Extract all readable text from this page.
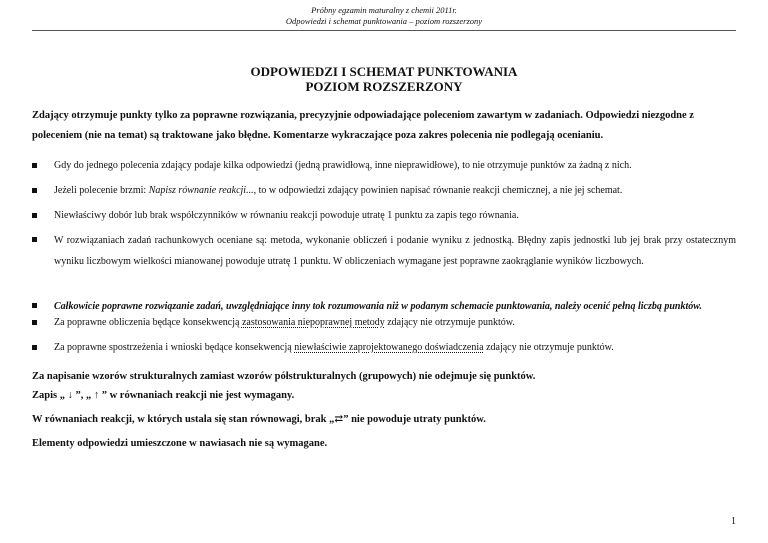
Próbny egzamin maturalny z chemii 2011r.
Odpowiedzi i schemat punktowania – poziom rozszerzony
ODPOWIEDZI I SCHEMAT PUNKTOWANIA
POZIOM ROZSZERZONY
Zdający otrzymuje punkty tylko za poprawne rozwiązania, precyzyjnie odpowiadające poleceniom zawartym w zadaniach. Odpowiedzi niezgodne z poleceniem (nie na temat) są traktowane jako błędne. Komentarze wykraczające poza zakres polecenia nie podlegają ocenianiu.
Gdy do jednego polecenia zdający podaje kilka odpowiedzi (jedną prawidłową, inne nieprawidłowe), to nie otrzymuje punktów za żadną z nich.
Jeżeli polecenie brzmi: Napisz równanie reakcji..., to w odpowiedzi zdający powinien napisać równanie reakcji chemicznej, a nie jej schemat.
Niewłaściwy dobór lub brak współczynników w równaniu reakcji powoduje utratę 1 punktu za zapis tego równania.
W rozwiązaniach zadań rachunkowych oceniane są: metoda, wykonanie obliczeń i podanie wyniku z jednostką. Błędny zapis jednostki lub jej brak przy ostatecznym wyniku liczbowym wielkości mianowanej powoduje utratę 1 punktu. W obliczeniach wymagane jest poprawne zaokrąglanie wyników liczbowych.
Całkowicie poprawne rozwiązanie zadań, uwzględniające inny tok rozumowania niż w podanym schemacie punktowania, należy ocenić pełną liczbą punktów.
Za poprawne obliczenia będące konsekwencją zastosowania niepoprawnej metody zdający nie otrzymuje punktów.
Za poprawne spostrzeżenia i wnioski będące konsekwencją niewłaściwie zaprojektowanego doświadczenia zdający nie otrzymuje punktów.
Za napisanie wzorów strukturalnych zamiast wzorów półstrukturalnych (grupowych) nie odejmuje się punktów.
Zapis „ ↓ ”, „ ↑ ” w równaniach reakcji nie jest wymagany.
W równaniach reakcji, w których ustala się stan równowagi, brak „⇄” nie powoduje utraty punktów.
Elementy odpowiedzi umieszczone w nawiasach nie są wymagane.
1
